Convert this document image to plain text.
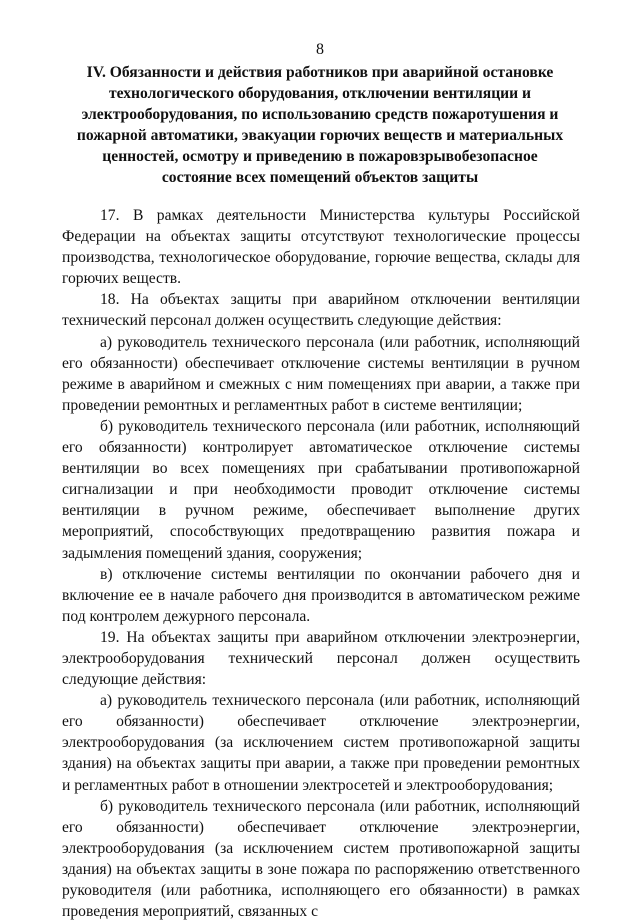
8
IV. Обязанности и действия работников при аварийной остановке технологического оборудования, отключении вентиляции и электрооборудования, по использованию средств пожаротушения и пожарной автоматики, эвакуации горючих веществ и материальных ценностей, осмотру и приведению в пожаровзрывобезопасное состояние всех помещений объектов защиты

17. В рамках деятельности Министерства культуры Российской Федерации на объектах защиты отсутствуют технологические процессы производства, технологическое оборудование, горючие вещества, склады для горючих веществ.

18. На объектах защиты при аварийном отключении вентиляции технический персонал должен осуществить следующие действия:

а) руководитель технического персонала (или работник, исполняющий его обязанности) обеспечивает отключение системы вентиляции в ручном режиме в аварийном и смежных с ним помещениях при аварии, а также при проведении ремонтных и регламентных работ в системе вентиляции;

б) руководитель технического персонала (или работник, исполняющий его обязанности) контролирует автоматическое отключение системы вентиляции во всех помещениях при срабатывании противопожарной сигнализации и при необходимости проводит отключение системы вентиляции в ручном режиме, обеспечивает выполнение других мероприятий, способствующих предотвращению развития пожара и задымления помещений здания, сооружения;

в) отключение системы вентиляции по окончании рабочего дня и включение ее в начале рабочего дня производится в автоматическом режиме под контролем дежурного персонала.

19. На объектах защиты при аварийном отключении электроэнергии, электрооборудования технический персонал должен осуществить следующие действия:

а) руководитель технического персонала (или работник, исполняющий его обязанности) обеспечивает отключение электроэнергии, электрооборудования (за исключением систем противопожарной защиты здания) на объектах защиты при аварии, а также при проведении ремонтных и регламентных работ в отношении электросетей и электрооборудования;

б) руководитель технического персонала (или работник, исполняющий его обязанности) обеспечивает отключение электроэнергии, электрооборудования (за исключением систем противопожарной защиты здания) на объектах защиты в зоне пожара по распоряжению ответственного руководителя (или работника, исполняющего его обязанности) в рамках проведения мероприятий, связанных с
